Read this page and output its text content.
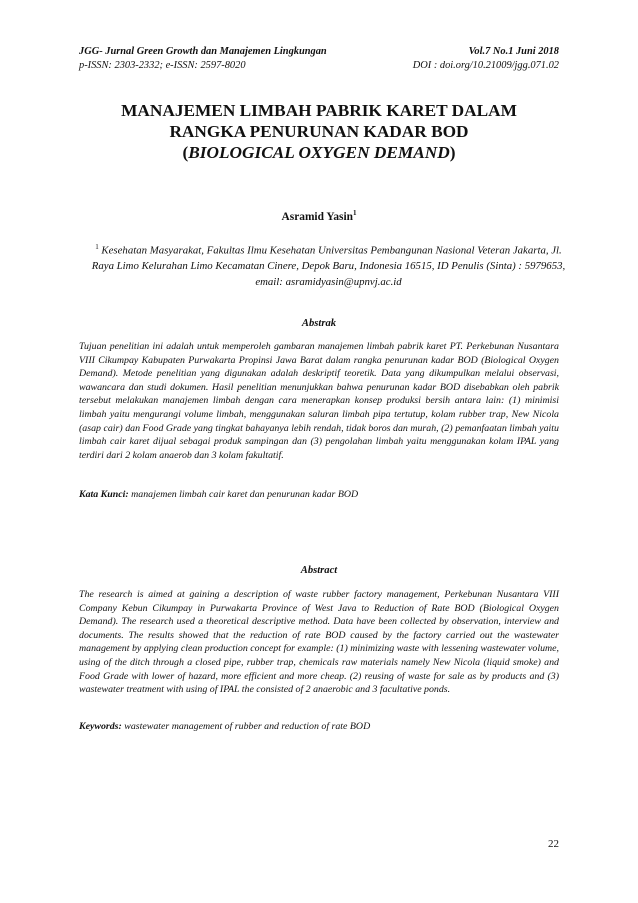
JGG- Jurnal Green Growth dan Manajemen Lingkungan	Vol.7 No.1 Juni 2018
p-ISSN: 2303-2332; e-ISSN: 2597-8020	DOI : doi.org/10.21009/jgg.071.02
MANAJEMEN LIMBAH PABRIK KARET DALAM
RANGKA PENURUNAN KADAR BOD
(BIOLOGICAL OXYGEN DEMAND)
Asramid Yasin$^1$
$^1$ Kesehatan Masyarakat, Fakultas Ilmu Kesehatan Universitas Pembangunan Nasional Veteran Jakarta, Jl. Raya Limo Kelurahan Limo Kecamatan Cinere, Depok Baru, Indonesia 16515, ID Penulis (Sinta) : 5979653, email: asramidyasin@upnvj.ac.id
Abstrak
Tujuan penelitian ini adalah untuk memperoleh gambaran manajemen limbah pabrik karet PT. Perkebunan Nusantara VIII Cikumpay Kabupaten Purwakarta Propinsi Jawa Barat dalam rangka penurunan kadar BOD (Biological Oxygen Demand). Metode penelitian yang digunakan adalah deskriptif teoretik. Data yang dikumpulkan melalui observasi, wawancara dan studi dokumen. Hasil penelitian menunjukkan bahwa penurunan kadar BOD disebabkan oleh pabrik tersebut melakukan manajemen limbah dengan cara menerapkan konsep produksi bersih antara lain: (1) minimisi limbah yaitu mengurangi volume limbah, menggunakan saluran limbah pipa tertutup, kolam rubber trap, New Nicola (asap cair) dan Food Grade yang tingkat bahayanya lebih rendah, tidak boros dan murah, (2) pemanfaatan limbah yaitu limbah cair karet dijual sebagai produk sampingan dan (3) pengolahan limbah yaitu menggunakan kolam IPAL yang terdiri dari 2 kolam anaerob dan 3 kolam fakultatif.
Kata Kunci: manajemen limbah cair karet dan penurunan kadar BOD
Abstract
The research is aimed at gaining a description of waste rubber factory management, Perkebunan Nusantara VIII Company Kebun Cikumpay in Purwakarta Province of West Java to Reduction of Rate BOD (Biological Oxygen Demand). The research used a theoretical descriptive method. Data have been collected by observation, interview and documents. The results showed that the reduction of rate BOD caused by the factory carried out the wastewater management by applying clean production concept for example: (1) minimizing waste with lessening wastewater volume, using of the ditch through a closed pipe, rubber trap, chemicals raw materials namely New Nicola (liquid smoke) and Food Grade with lower of hazard, more efficient and more cheap. (2) reusing of waste for sale as by products and (3) wastewater treatment with using of IPAL the consisted of 2 anaerobic and 3 facultative ponds.
Keywords: wastewater management of rubber and reduction of rate BOD
22
